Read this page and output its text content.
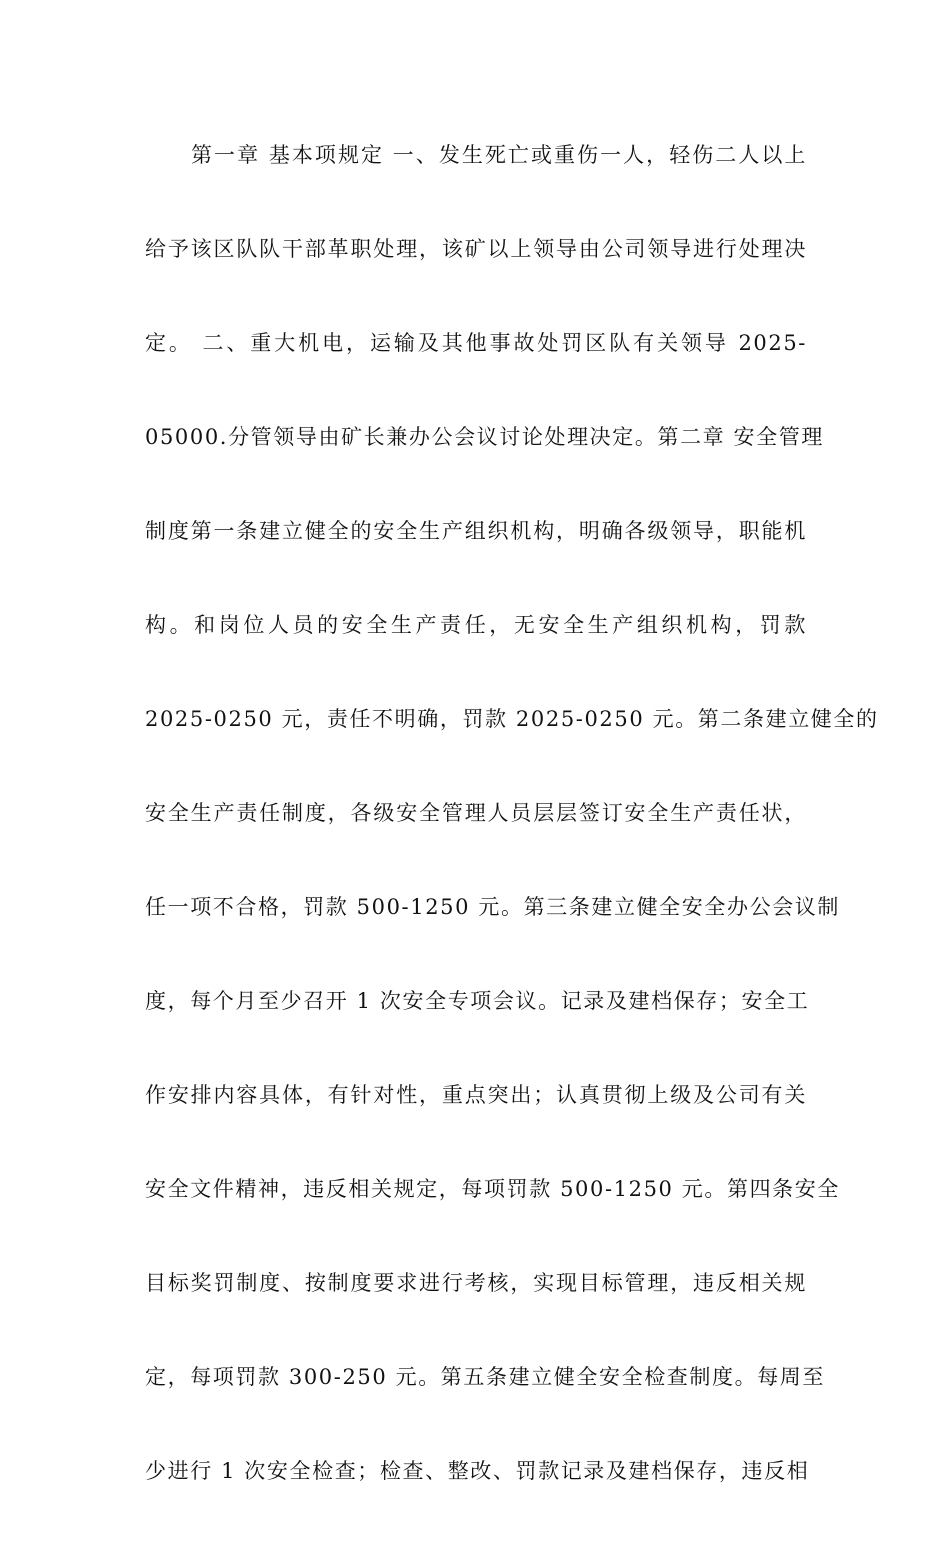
第一章 基本项规定 一、发生死亡或重伤一人，轻伤二人以上
给予该区队队干部革职处理，该矿以上领导由公司领导进行处理决
定。 二、重大机电，运输及其他事故处罚区队有关领导 2025-
05000.分管领导由矿长兼办公会议讨论处理决定。第二章 安全管理
制度第一条建立健全的安全生产组织机构，明确各级领导，职能机
构。和岗位人员的安全生产责任，无安全生产组织机构，罚款
2025-0250 元，责任不明确，罚款 2025-0250 元。第二条建立健全的
安全生产责任制度，各级安全管理人员层层签订安全生产责任状，
任一项不合格，罚款 500-1250 元。第三条建立健全安全办公会议制
度，每个月至少召开 1 次安全专项会议。记录及建档保存；安全工
作安排内容具体，有针对性，重点突出；认真贯彻上级及公司有关
安全文件精神，违反相关规定，每项罚款 500-1250 元。第四条安全
目标奖罚制度、按制度要求进行考核，实现目标管理，违反相关规
定，每项罚款 300-250 元。第五条建立健全安全检查制度。每周至
少进行 1 次安全检查；检查、整改、罚款记录及建档保存，违反相
